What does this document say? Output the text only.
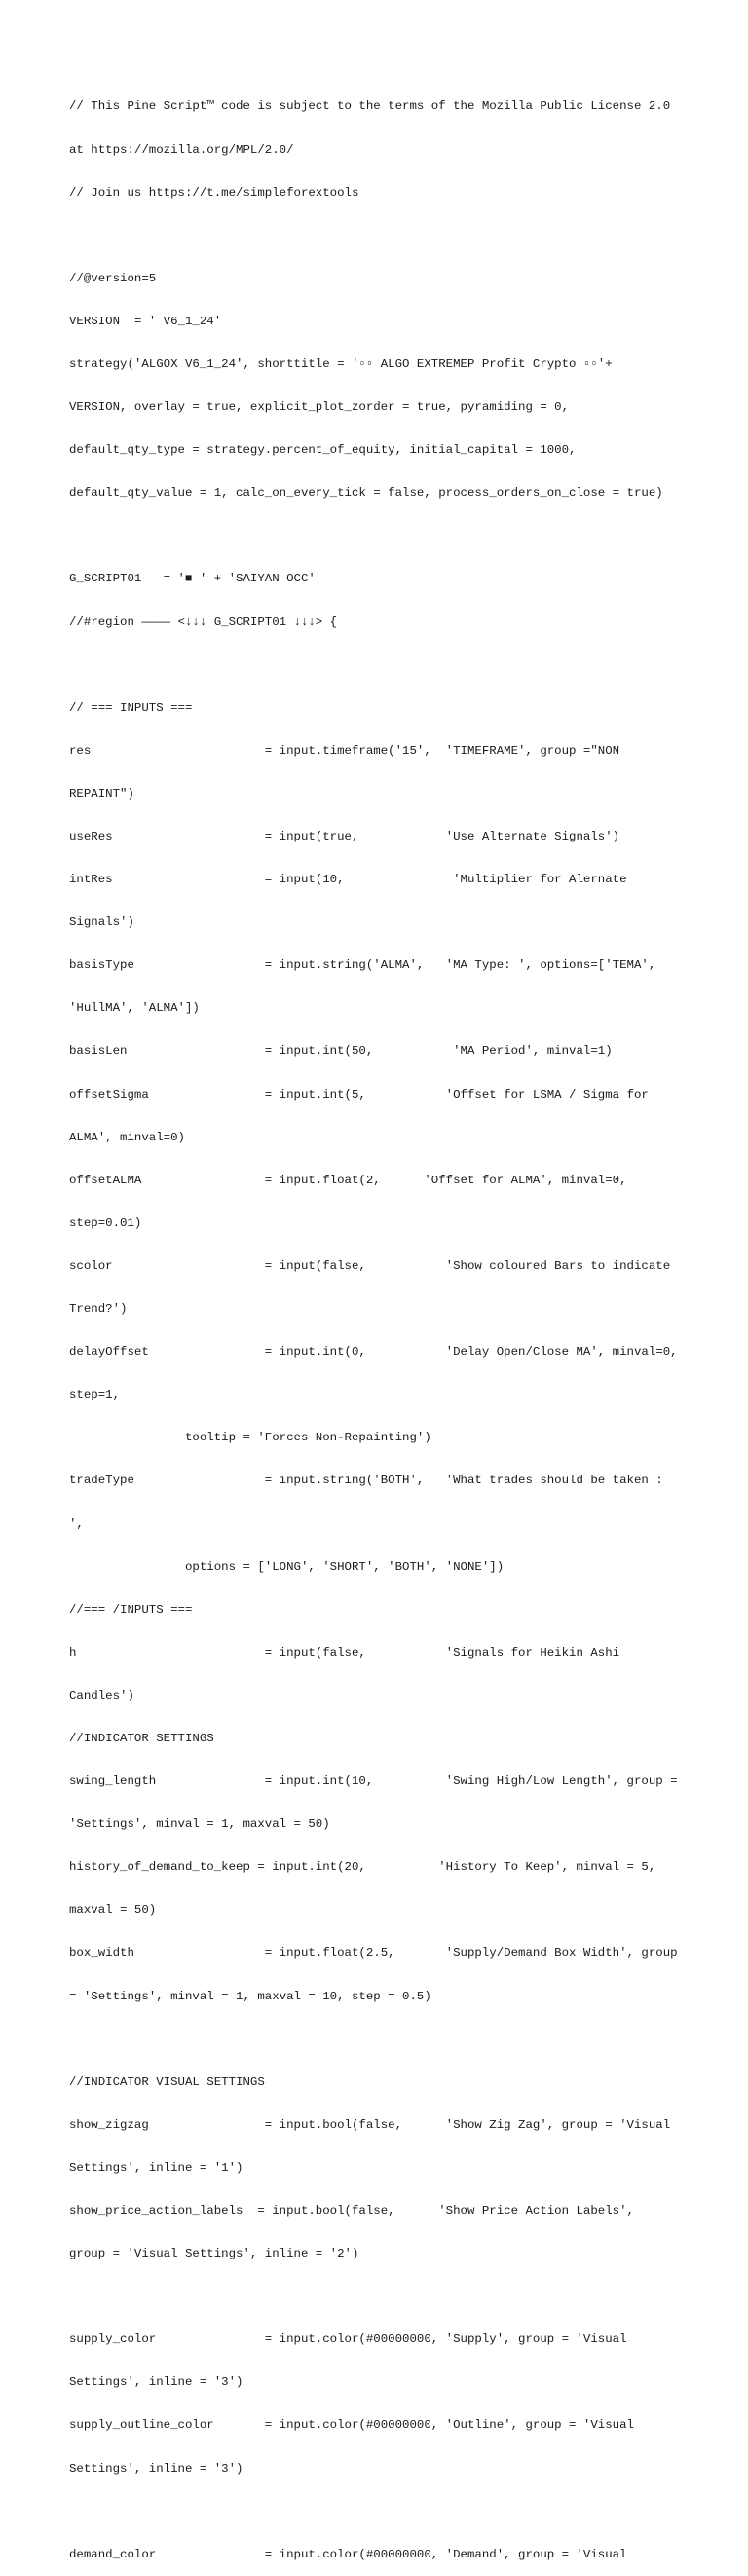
// This Pine Script™ code is subject to the terms of the Mozilla Public License 2.0

at https://mozilla.org/MPL/2.0/

// Join us https://t.me/simpleforextools

//@version=5

VERSION  = ' V6_1_24'

strategy('ALGOX V6_1_24', shorttitle = '▫▫ ALGO EXTREMEP Profit Crypto ▫▫'+

VERSION, overlay = true, explicit_plot_zorder = true, pyramiding = 0,

default_qty_type = strategy.percent_of_equity, initial_capital = 1000,

default_qty_value = 1, calc_on_every_tick = false, process_orders_on_close = true)

G_SCRIPT01   = '■ ' + 'SAIYAN OCC'

//#region ———— <↓↓↓ G_SCRIPT01 ↓↓↓> {

// === INPUTS ===

res                        = input.timeframe('15',  'TIMEFRAME', group ="NON

REPAINT")

useRes                     = input(true,            'Use Alternate Signals')

intRes                     = input(10,               'Multiplier for Alernate

Signals')

basisType                  = input.string('ALMA',   'MA Type: ', options=['TEMA',

'HullMA', 'ALMA'])

basisLen                   = input.int(50,           'MA Period', minval=1)

offsetSigma                = input.int(5,           'Offset for LSMA / Sigma for

ALMA', minval=0)

offsetALMA                 = input.float(2,      'Offset for ALMA', minval=0,

step=0.01)

scolor                     = input(false,           'Show coloured Bars to indicate

Trend?')

delayOffset                = input.int(0,           'Delay Open/Close MA', minval=0,

step=1,

tooltip = 'Forces Non-Repainting')

tradeType                  = input.string('BOTH',   'What trades should be taken :

',

options = ['LONG', 'SHORT', 'BOTH', 'NONE'])

//=== /INPUTS ===

h                          = input(false,           'Signals for Heikin Ashi

Candles')

//INDICATOR SETTINGS

swing_length               = input.int(10,          'Swing High/Low Length', group =

'Settings', minval = 1, maxval = 50)

history_of_demand_to_keep = input.int(20,          'History To Keep', minval = 5,

maxval = 50)

box_width                  = input.float(2.5,       'Supply/Demand Box Width', group

= 'Settings', minval = 1, maxval = 10, step = 0.5)

//INDICATOR VISUAL SETTINGS

show_zigzag                = input.bool(false,      'Show Zig Zag', group = 'Visual

Settings', inline = '1')

show_price_action_labels  = input.bool(false,      'Show Price Action Labels',

group = 'Visual Settings', inline = '2')

supply_color               = input.color(#00000000, 'Supply', group = 'Visual

Settings', inline = '3')

supply_outline_color       = input.color(#00000000, 'Outline', group = 'Visual

Settings', inline = '3')

demand_color               = input.color(#00000000, 'Demand', group = 'Visual
